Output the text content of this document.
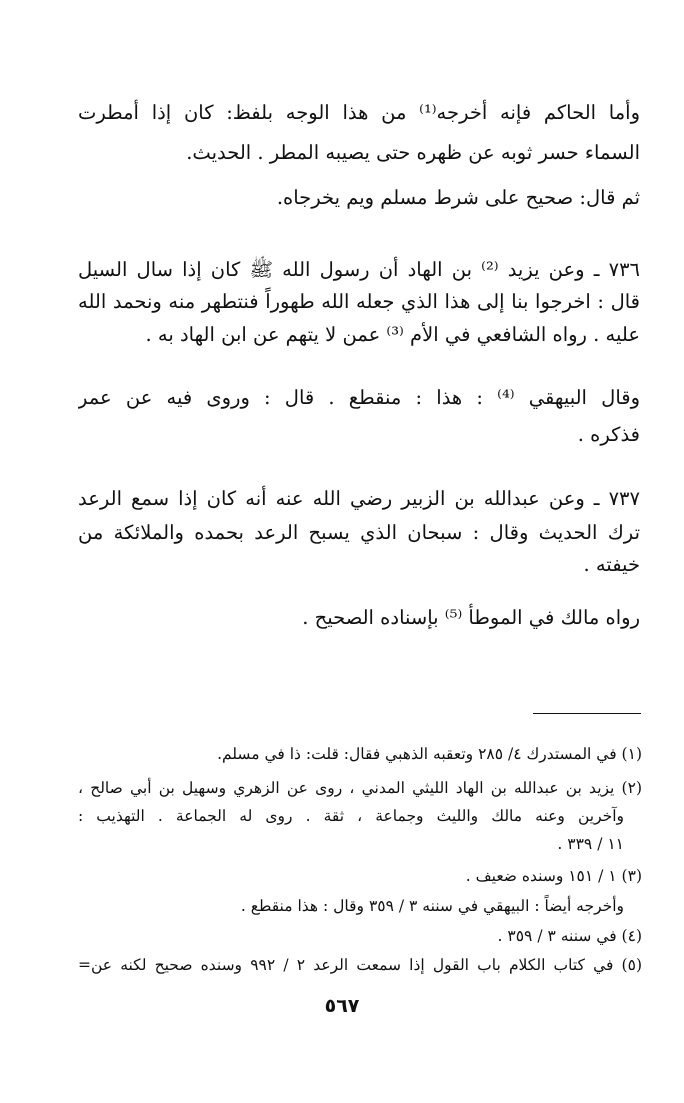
وأما الحاكم فإنه أخرجه⁽¹⁾ من هذا الوجه بلفظ: كان إذا أمطرت
السماء حسر ثوبه عن ظهره حتى يصيبه المطر . الحديث.
ثم قال: صحيح على شرط مسلم ويم يخرجاه.
٧٣٦ ـ وعن يزيد ⁽²⁾ بن الهاد أن رسول الله ﷺ كان إذا سال السيل
قال : اخرجوا بنا إلى هذا الذي جعله الله طهوراً فنتطهر منه ونحمد الله
عليه . رواه الشافعي في الأم ⁽³⁾ عمن لا يتهم عن ابن الهاد به .
وقال البيهقي ⁽⁴⁾ : هذا : منقطع . قال : وروى فيه عن عمر
فذكره .
٧٣٧ ـ وعن عبدالله بن الزبير رضي الله عنه أنه كان إذا سمع الرعد
ترك الحديث وقال : سبحان الذي يسبح الرعد بحمده والملائكة من
خيفته .
رواه مالك في الموطأ ⁽⁵⁾ بإسناده الصحيح .
(١) في المستدرك ٤/ ٢٨٥ وتعقبه الذهبي فقال: قلت: ذا في مسلم.
(٢) يزيد بن عبدالله بن الهاد الليثي المدني ، روى عن الزهري وسهيل بن أبي صالح ،
وآخرين وعنه مالك والليث وجماعة ، ثقة . روى له الجماعة . التهذيب :
١١ / ٣٣٩ .
(٣) ١ / ١٥١ وسنده ضعيف .
وأخرجه أيضاً : البيهقي في سننه ٣ / ٣٥٩ وقال : هذا منقطع .
(٤) في سننه ٣ / ٣٥٩ .
(٥) في كتاب الكلام باب القول إذا سمعت الرعد ٢ / ٩٩٢ وسنده صحيح لكنه عن=
٥٦٧
